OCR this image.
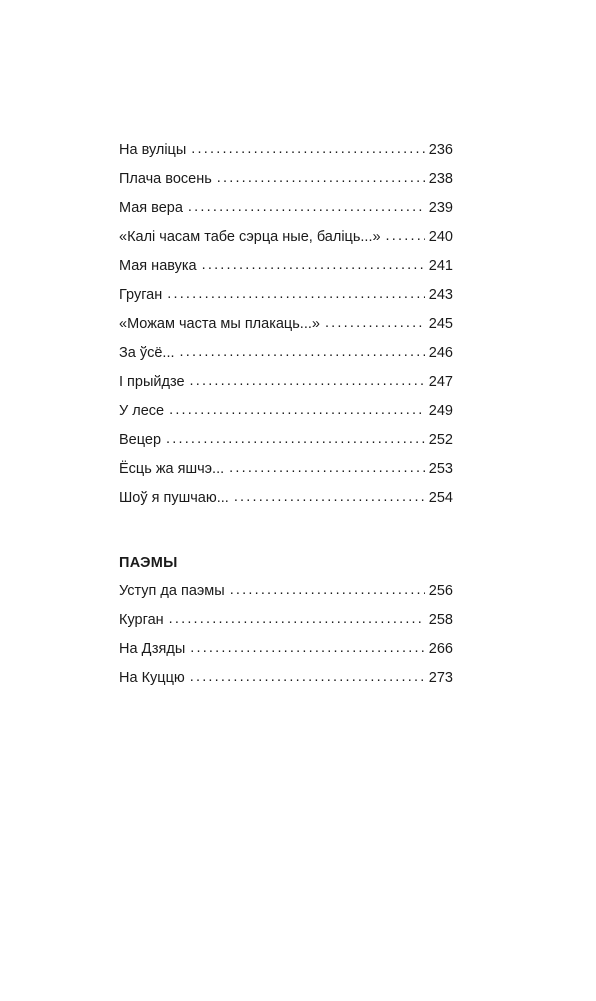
На вуліцы .....	236
Плача восень .....	238
Мая вера .....	239
«Калі часам табе сэрца ные, баліць...» .....	240
Мая навука .....	241
Груган .....	243
«Можам часта мы плакаць...» .....	245
За ўсё... .....	246
І прыйдзе .....	247
У лесе .....	249
Вецер .....	252
Ёсць жа яшчэ... .....	253
Шоў я пушчаю... .....	254
ПАЭМЫ
Уступ да паэмы .....	256
Курган .....	258
На Дзяды .....	266
На Куццю .....	273
